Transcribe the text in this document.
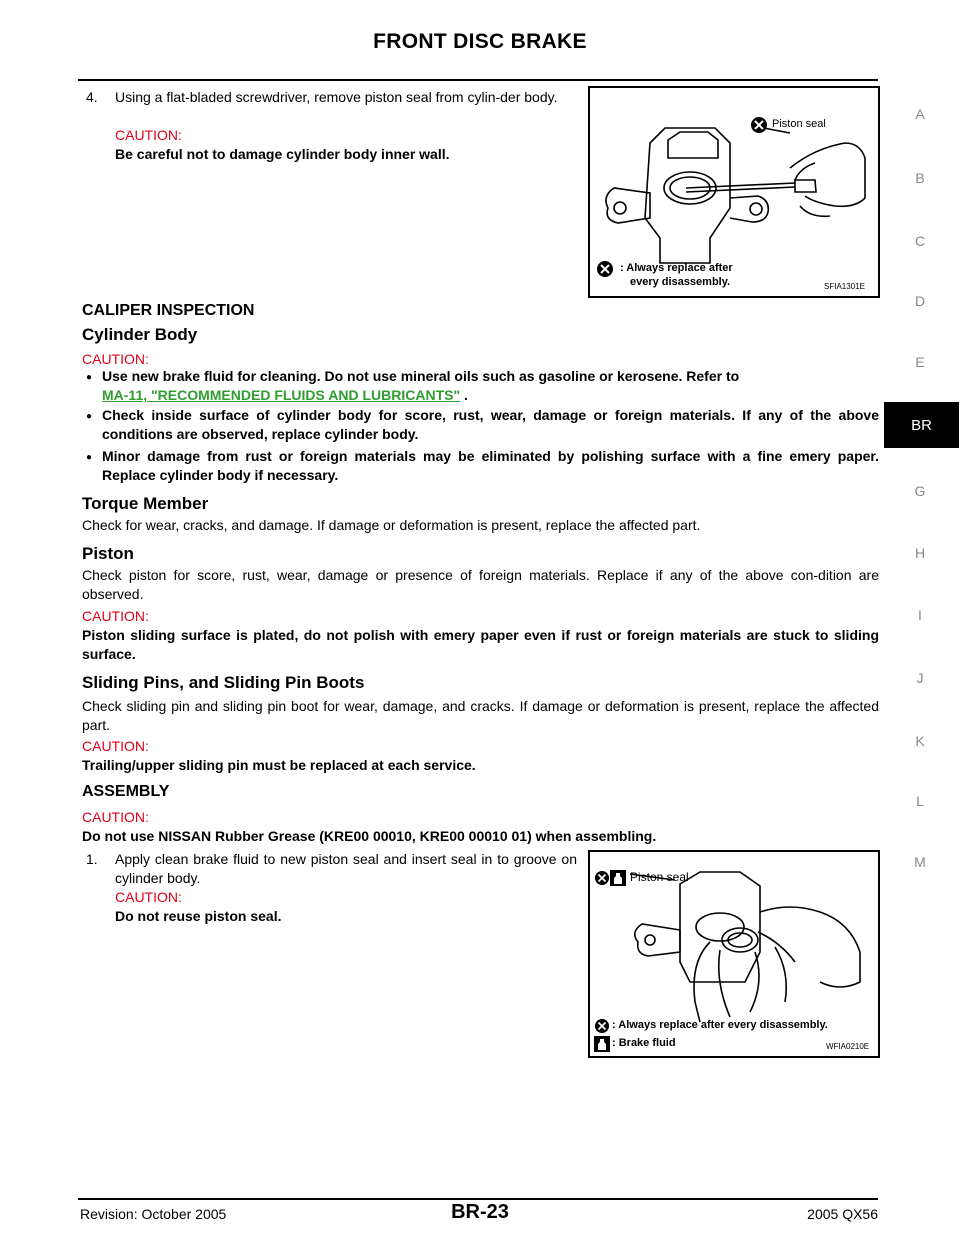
FRONT DISC BRAKE
A
B
C
D
E
G
H
I
J
K
L
M
BR
4. Using a flat-bladed screwdriver, remove piston seal from cylin-der body.
CAUTION:
Be careful not to damage cylinder body inner wall.
Piston seal
: Always replace after
every disassembly.	SFIA1301E
CALIPER INSPECTION
Cylinder Body
CAUTION:
● Use new brake fluid for cleaning. Do not use mineral oils such as gasoline or kerosene. Refer to
MA-11, "RECOMMENDED FLUIDS AND LUBRICANTS" .
● Check inside surface of cylinder body for score, rust, wear, damage or foreign materials. If any of the above conditions are observed, replace cylinder body.
● Minor damage from rust or foreign materials may be eliminated by polishing surface with a fine emery paper. Replace cylinder body if necessary.
Torque Member
Check for wear, cracks, and damage. If damage or deformation is present, replace the affected part.
Piston
Check piston for score, rust, wear, damage or presence of foreign materials. Replace if any of the above con-dition are observed.
CAUTION:
Piston sliding surface is plated, do not polish with emery paper even if rust or foreign materials are stuck to sliding surface.
Sliding Pins, and Sliding Pin Boots
Check sliding pin and sliding pin boot for wear, damage, and cracks. If damage or deformation is present, replace the affected part.
CAUTION:
Trailing/upper sliding pin must be replaced at each service.
ASSEMBLY
CAUTION:
Do not use NISSAN Rubber Grease (KRE00 00010, KRE00 00010 01) when assembling.
1. Apply clean brake fluid to new piston seal and insert seal in to groove on cylinder body.
CAUTION:
Do not reuse piston seal.
Piston seal
: Always replace after every disassembly.
: Brake fluid	WFIA0210E
Revision: October 2005	BR-23	2005 QX56
